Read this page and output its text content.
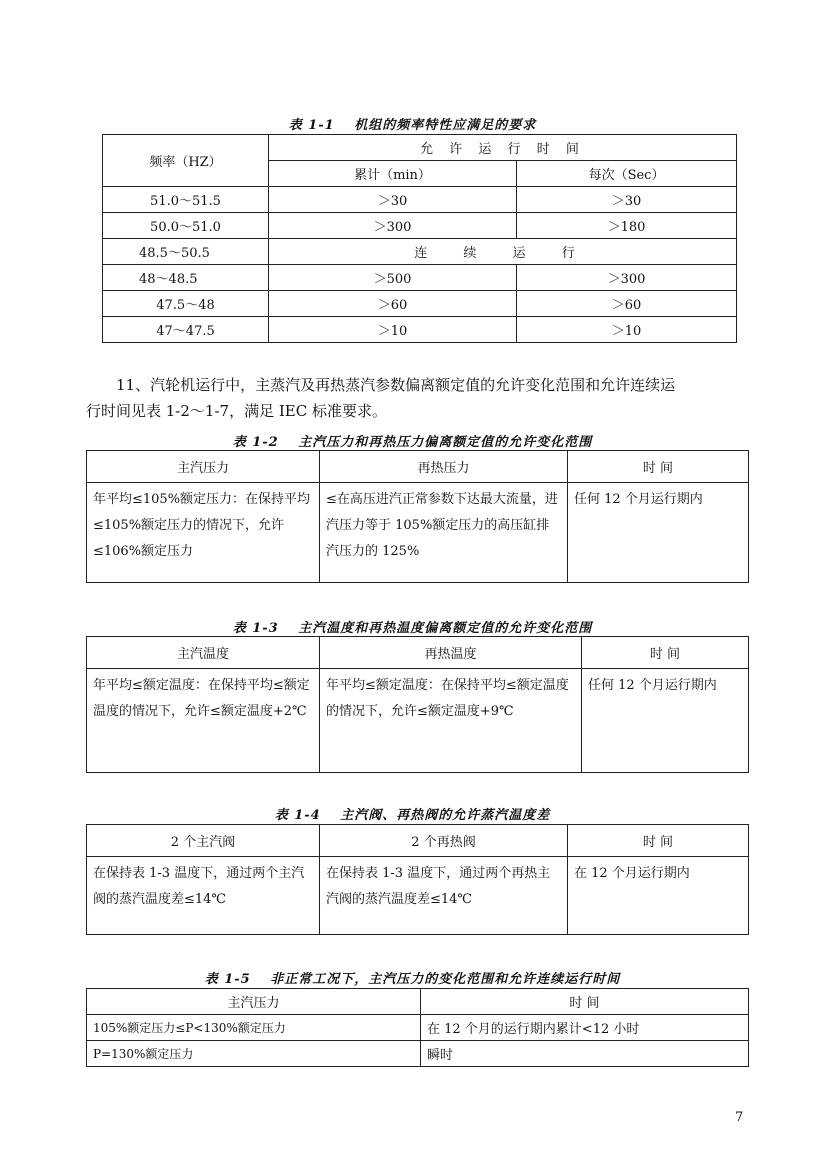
表 1-1　 机组的频率特性应满足的要求
频率（HZ）	允 许 运 行 时 间	
	累计（min）	每次（Sec）
51.0～51.5	＞30	＞30
50.0～51.0	＞300	＞180
48.5～50.5	连 续 运 行	
48～48.5	＞500	＞300
47.5～48	＞60	＞60
47～47.5	＞10	＞10
11、汽轮机运行中，主蒸汽及再热蒸汽参数偏离额定值的允许变化范围和允许连续运
行时间见表 1-2～1-7，满足 IEC 标准要求。
表 1-2　 主汽压力和再热压力偏离额定值的允许变化范围
主汽压力	再热压力	时 间
年平均≤105%额定压力：在保持平均≤105%额定压力的情况下，允许≤106%额定压力	≤在高压进汽正常参数下达最大流量，进汽压力等于 105%额定压力的高压缸排汽压力的 125%	任何 12 个月运行期内
表 1-3　 主汽温度和再热温度偏离额定值的允许变化范围
主汽温度	再热温度	时 间
年平均≤额定温度：在保持平均≤额定温度的情况下，允许≤额定温度+2℃	年平均≤额定温度：在保持平均≤额定温度的情况下，允许≤额定温度+9℃	任何 12 个月运行期内
表 1-4　 主汽阀、再热阀的允许蒸汽温度差
2 个主汽阀	2 个再热阀	时 间
在保持表 1-3 温度下，通过两个主汽阀的蒸汽温度差≤14℃	在保持表 1-3 温度下，通过两个再热主汽阀的蒸汽温度差≤14℃	在 12 个月运行期内
表 1-5　 非正常工况下，主汽压力的变化范围和允许连续运行时间
主汽压力	时 间
105%额定压力≤P<130%额定压力	在 12 个月的运行期内累计<12 小时
P=130%额定压力	瞬时
7
